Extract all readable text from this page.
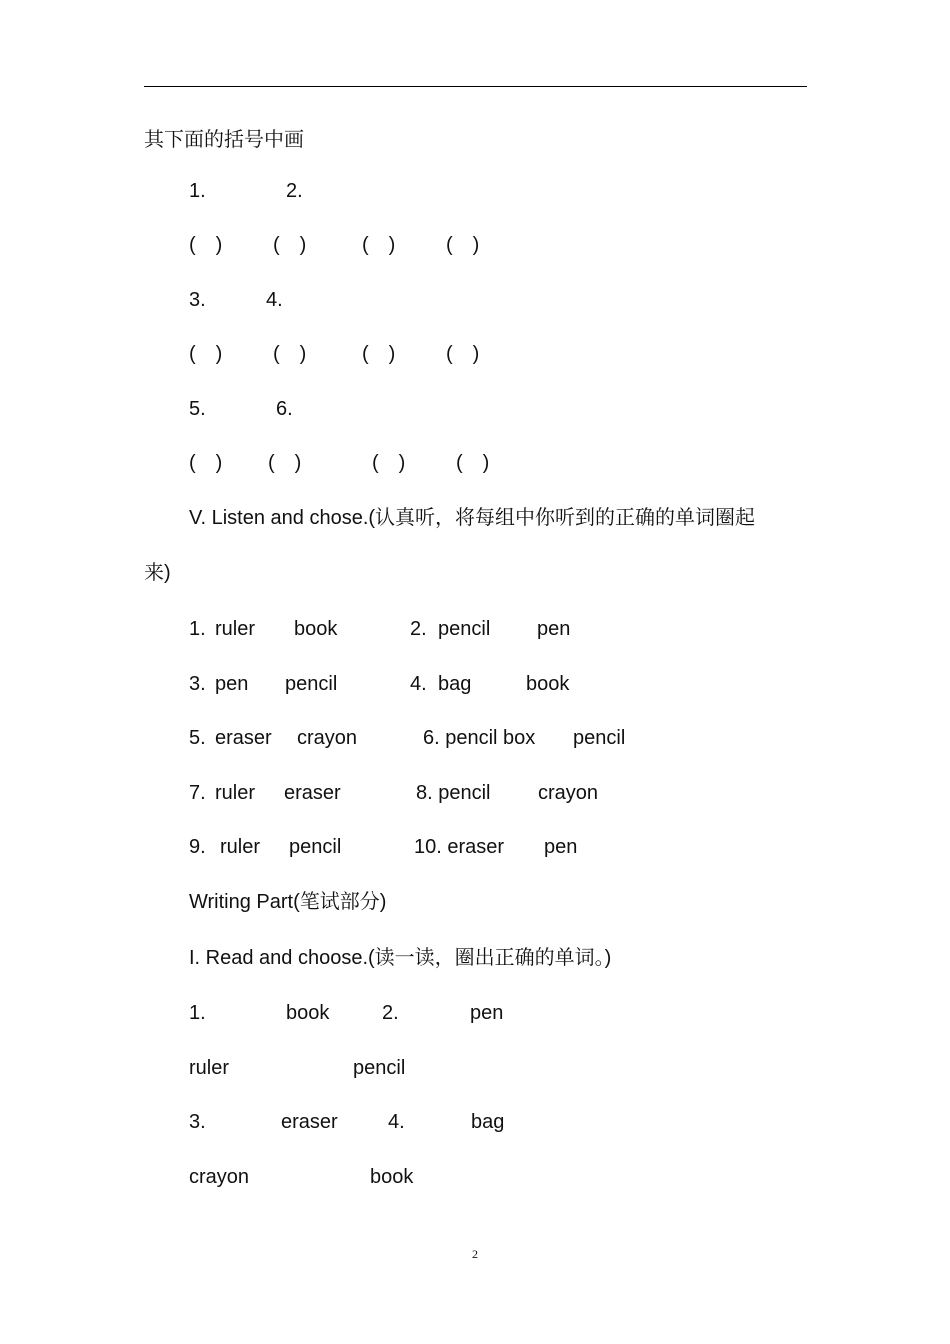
其下面的括号中画
1.	2.
(　)	(　)	(　)	(　)
3.	4.
(　)	(　)	(　)	(　)
5.	6.
(　) (　)	(　)	(　)
V. Listen and chose.(认真听，将每组中你听到的正确的单词圈起
来)
1. ruler book	2. pencil pen
3. pen pencil	4. bag	book
5. eraser crayon	6. pencil box pencil
7. ruler eraser	8. pencil crayon
9. ruler pencil	10. eraser pen
Writing Part(笔试部分)
I. Read and choose.(读一读，圈出正确的单词。)
1.	book	2.	pen
ruler	pencil
3.	eraser	4.	bag
crayon	book
2
